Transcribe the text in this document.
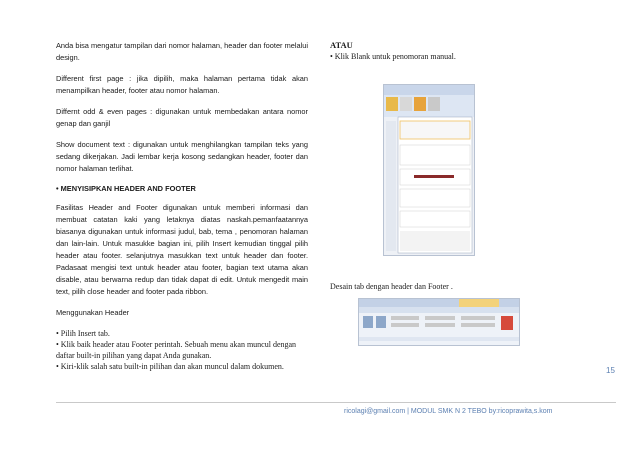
Anda bisa mengatur tampilan dari nomor halaman, header dan footer melalui design.

Different first page : jika dipilih, maka halaman pertama tidak akan menampilkan header, footer atau nomor halaman.

Differnt odd & even pages : digunakan untuk membedakan antara nomor genap dan ganjil

Show document text : digunakan untuk menghilangkan tampilan teks yang sedang dikerjakan. Jadi lembar kerja kosong sedangkan header, footer dan nomor halaman terlihat.

• MENYISIPKAN HEADER AND FOOTER

Fasilitas Header and Footer digunakan untuk memberi informasi dan membuat catatan kaki yang letaknya diatas naskah.pemanfaatannya biasanya digunakan untuk informasi judul, bab, tema , penomoran halaman dan lain-lain. Untuk masukke bagian ini, pilih Insert kemudian tinggal pilih header atau footer. selanjutnya masukkan text untuk header dan footer. Padasaat mengisi text untuk header atau footer, bagian text utama akan disable, atau berwarna redup dan tidak dapat di edit. Untuk mengedit main text, pilih close header and footer pada ribbon.

Menggunakan Header

• Pilih Insert tab.

• Klik baik header atau Footer perintah. Sebuah menu akan muncul dengan daftar built-in pilihan yang dapat Anda gunakan.

• Kiri-klik salah satu built-in pilihan dan akan muncul dalam dokumen.

ATAU

• Klik Blank untuk penomoran manual.

Desain tab dengan header dan Footer .
15
ricolagi@gmail.com | MODUL SMK N 2 TEBO by:ricoprawita,s.kom
